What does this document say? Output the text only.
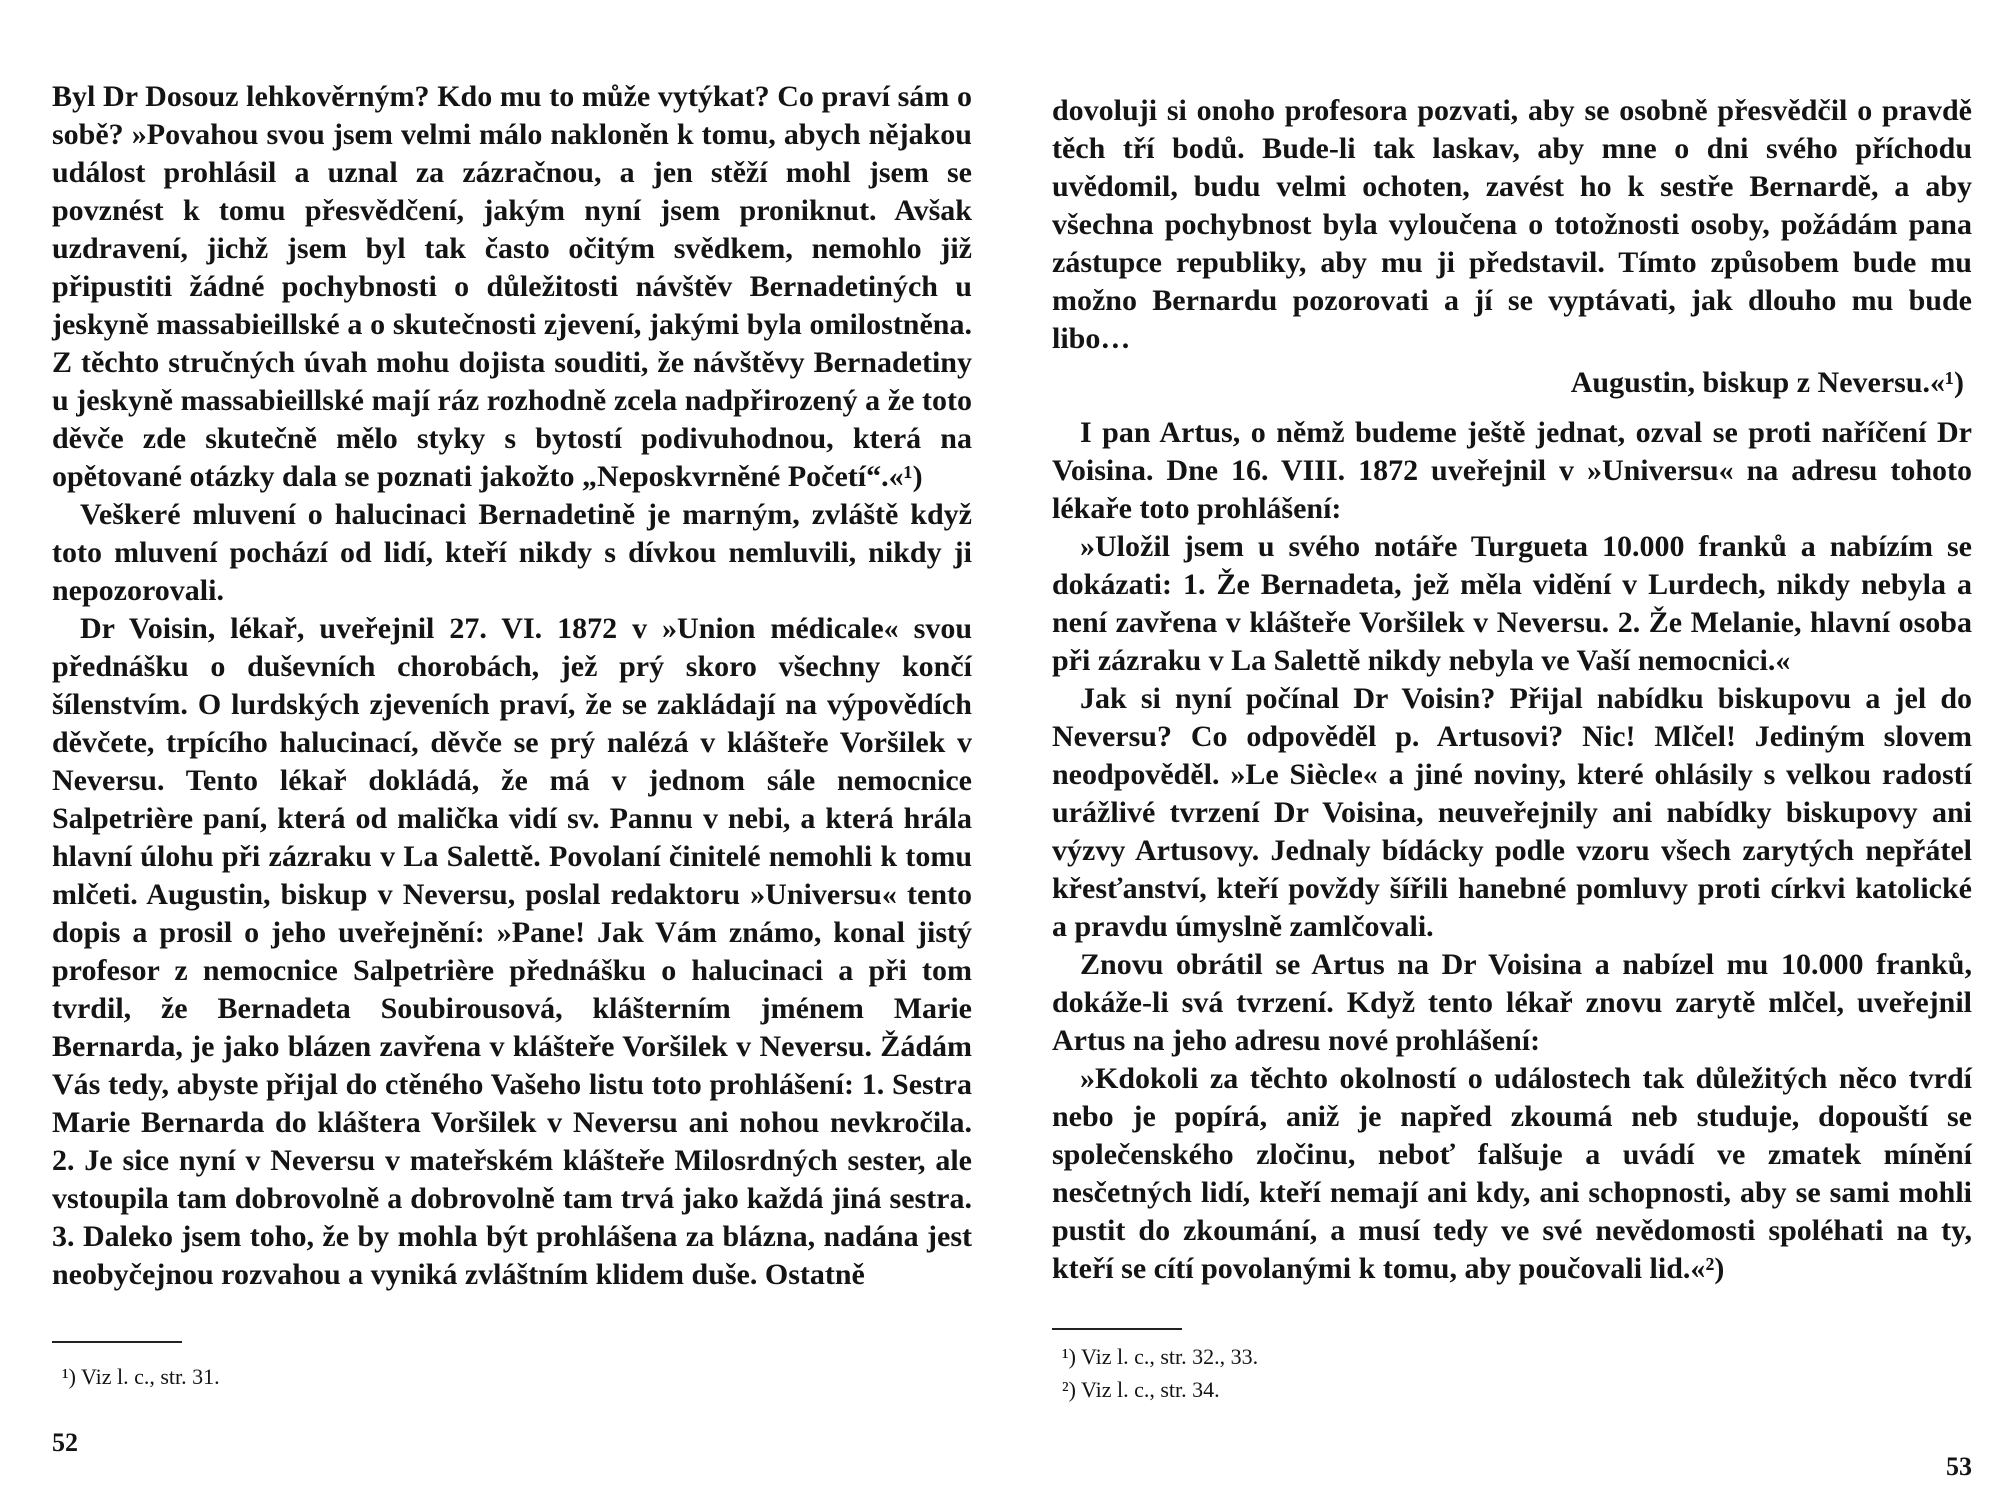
Byl Dr Dosouz lehkověrným? Kdo mu to může vytýkat? Co praví sám o sobě? »Povahou svou jsem velmi málo nakloněn k tomu, abych nějakou událost prohlásil a uznal za zázračnou, a jen stěží mohl jsem se povznést k tomu přesvědčení, jakým nyní jsem proniknut. Avšak uzdravení, jichž jsem byl tak často očitým svědkem, nemohlo již připustiti žádné pochybnosti o důležitosti návštěv Bernadetiných u jeskyně massabieillské a o skutečnosti zjevení, jakými byla omilostněna. Z těchto stručných úvah mohu dojista souditi, že návštěvy Bernadetiny u jeskyně massabieillské mají ráz rozhodně zcela nadpřirozený a že toto děvče zde skutečně mělo styky s bytostí podivuhodnou, která na opětované otázky dala se poznati jakožto „Neposkvrněné Početí“.«¹)

Veškeré mluvení o halucinaci Bernadetině je marným, zvláště když toto mluvení pochází od lidí, kteří nikdy s dívkou nemluvili, nikdy ji nepozorovali.

Dr Voisin, lékař, uveřejnil 27. VI. 1872 v »Union médicale« svou přednášku o duševních chorobách, jež prý skoro všechny končí šílenstvím. O lurdských zjeveních praví, že se zakládají na výpovědích děvčete, trpícího halucinací, děvče se prý nalézá v klášteře Voršilek v Neversu. Tento lékař dokládá, že má v jednom sále nemocnice Salpetrière paní, která od malička vidí sv. Pannu v nebi, a která hrála hlavní úlohu při zázraku v La Salettě. Povolaní činitelé nemohli k tomu mlčeti. Augustin, biskup v Neversu, poslal redaktoru »Universu« tento dopis a prosil o jeho uveřejnění: »Pane! Jak Vám známo, konal jistý profesor z nemocnice Salpetrière přednášku o halucinaci a při tom tvrdil, že Bernadeta Soubirousová, klášterním jménem Marie Bernarda, je jako blázen zavřena v klášteře Voršilek v Neversu. Žádám Vás tedy, abyste přijal do ctěného Vašeho listu toto prohlášení: 1. Sestra Marie Bernarda do kláštera Voršilek v Neversu ani nohou nevkročila. 2. Je sice nyní v Neversu v mateřském klášteře Milosrdných sester, ale vstoupila tam dobrovolně a dobrovolně tam trvá jako každá jiná sestra. 3. Daleko jsem toho, že by mohla být prohlášena za blázna, nadána jest neobyčejnou rozvahou a vyniká zvláštním klidem duše. Ostatně

¹) Viz l. c., str. 31.
52

dovoluji si onoho profesora pozvati, aby se osobně přesvědčil o pravdě těch tří bodů. Bude-li tak laskav, aby mne o dni svého příchodu uvědomil, budu velmi ochoten, zavést ho k sestře Bernardě, a aby všechna pochybnost byla vyloučena o totožnosti osoby, požádám pana zástupce republiky, aby mu ji představil. Tímto způsobem bude mu možno Bernardu pozorovati a jí se vyptávati, jak dlouho mu bude libo…

Augustin, biskup z Neversu.«¹)

I pan Artus, o němž budeme ještě jednat, ozval se proti naříčení Dr Voisina. Dne 16. VIII. 1872 uveřejnil v »Universu« na adresu tohoto lékaře toto prohlášení:

»Uložil jsem u svého notáře Turgueta 10.000 franků a nabízím se dokázati: 1. Že Bernadeta, jež měla vidění v Lurdech, nikdy nebyla a není zavřena v klášteře Voršilek v Neversu. 2. Že Melanie, hlavní osoba při zázraku v La Salettě nikdy nebyla ve Vaší nemocnici.«

Jak si nyní počínal Dr Voisin? Přijal nabídku biskupovu a jel do Neversu? Co odpověděl p. Artusovi? Nic! Mlčel! Jediným slovem neodpověděl. »Le Siècle« a jiné noviny, které ohlásily s velkou radostí urážlivé tvrzení Dr Voisina, neuveřejnily ani nabídky biskupovy ani výzvy Artusovy. Jednaly bídácky podle vzoru všech zarytých nepřátel křesťanství, kteří povždy šířili hanebné pomluvy proti církvi katolické a pravdu úmyslně zamlčovali.

Znovu obrátil se Artus na Dr Voisina a nabízel mu 10.000 franků, dokáže-li svá tvrzení. Když tento lékař znovu zarytě mlčel, uveřejnil Artus na jeho adresu nové prohlášení:

»Kdokoli za těchto okolností o událostech tak důležitých něco tvrdí nebo je popírá, aniž je napřed zkoumá neb studuje, dopouští se společenského zločinu, neboť falšuje a uvádí ve zmatek mínění nesčetných lidí, kteří nemají ani kdy, ani schopnosti, aby se sami mohli pustit do zkoumání, a musí tedy ve své nevědomosti spoléhati na ty, kteří se cítí povolanými k tomu, aby poučovali lid.«²)

¹) Viz l. c., str. 32., 33.
²) Viz l. c., str. 34.
53
